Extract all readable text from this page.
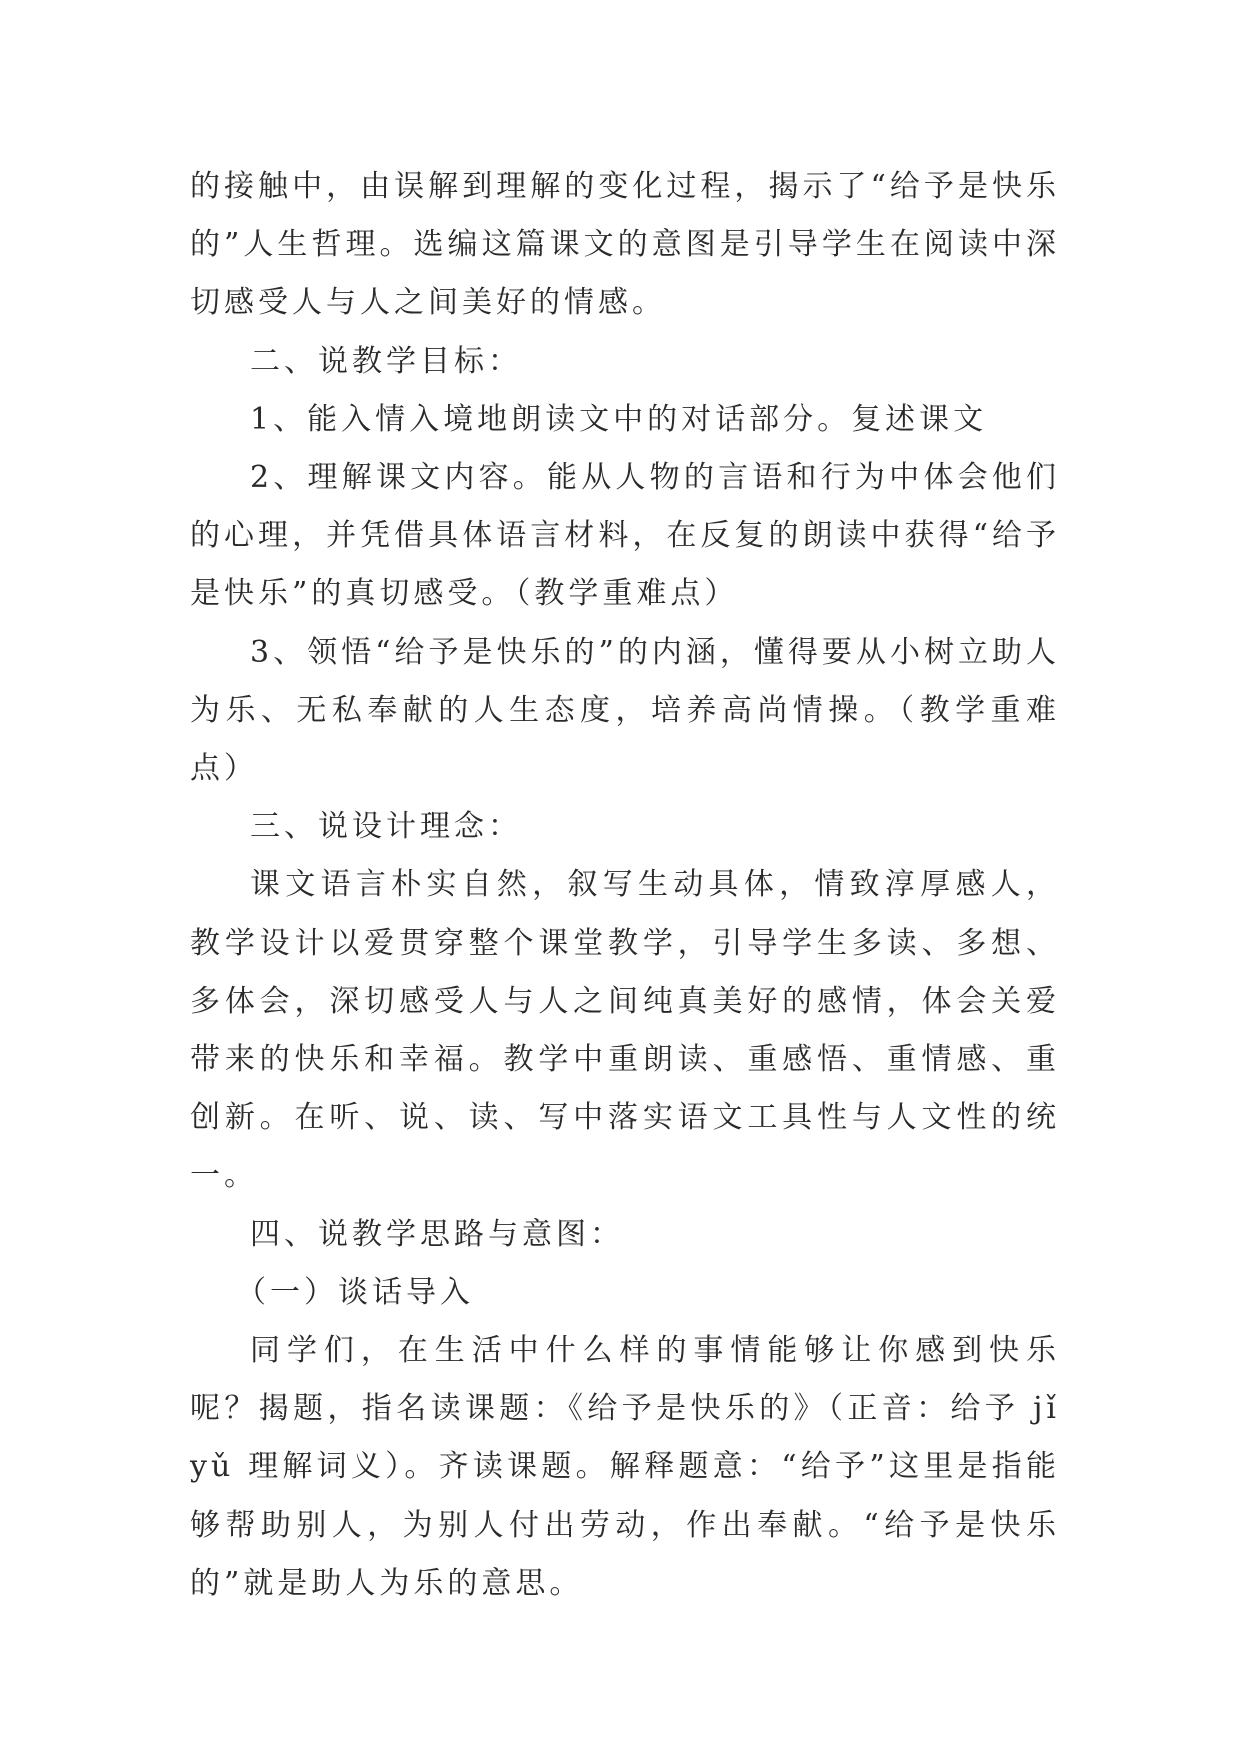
的接触中，由误解到理解的变化过程，揭示了“给予是快乐的”人生哲理。选编这篇课文的意图是引导学生在阅读中深切感受人与人之间美好的情感。

二、说教学目标：

1、能入情入境地朗读文中的对话部分。复述课文

2、理解课文内容。能从人物的言语和行为中体会他们的心理，并凭借具体语言材料，在反复的朗读中获得“给予是快乐”的真切感受。（教学重难点）

3、领悟“给予是快乐的”的内涵，懂得要从小树立助人为乐、无私奉献的人生态度，培养高尚情操。（教学重难点）

三、说设计理念：

课文语言朴实自然，叙写生动具体，情致淳厚感人，教学设计以爱贯穿整个课堂教学，引导学生多读、多想、多体会，深切感受人与人之间纯真美好的感情，体会关爱带来的快乐和幸福。教学中重朗读、重感悟、重情感、重创新。在听、说、读、写中落实语文工具性与人文性的统一。

四、说教学思路与意图：

（一）谈话导入

同学们，在生活中什么样的事情能够让你感到快乐呢？揭题，指名读课题：《给予是快乐的》（正音：给予 jǐyǔ 理解词义）。齐读课题。解释题意：“给予”这里是指能够帮助别人，为别人付出劳动，作出奉献。“给予是快乐的”就是助人为乐的意思。
